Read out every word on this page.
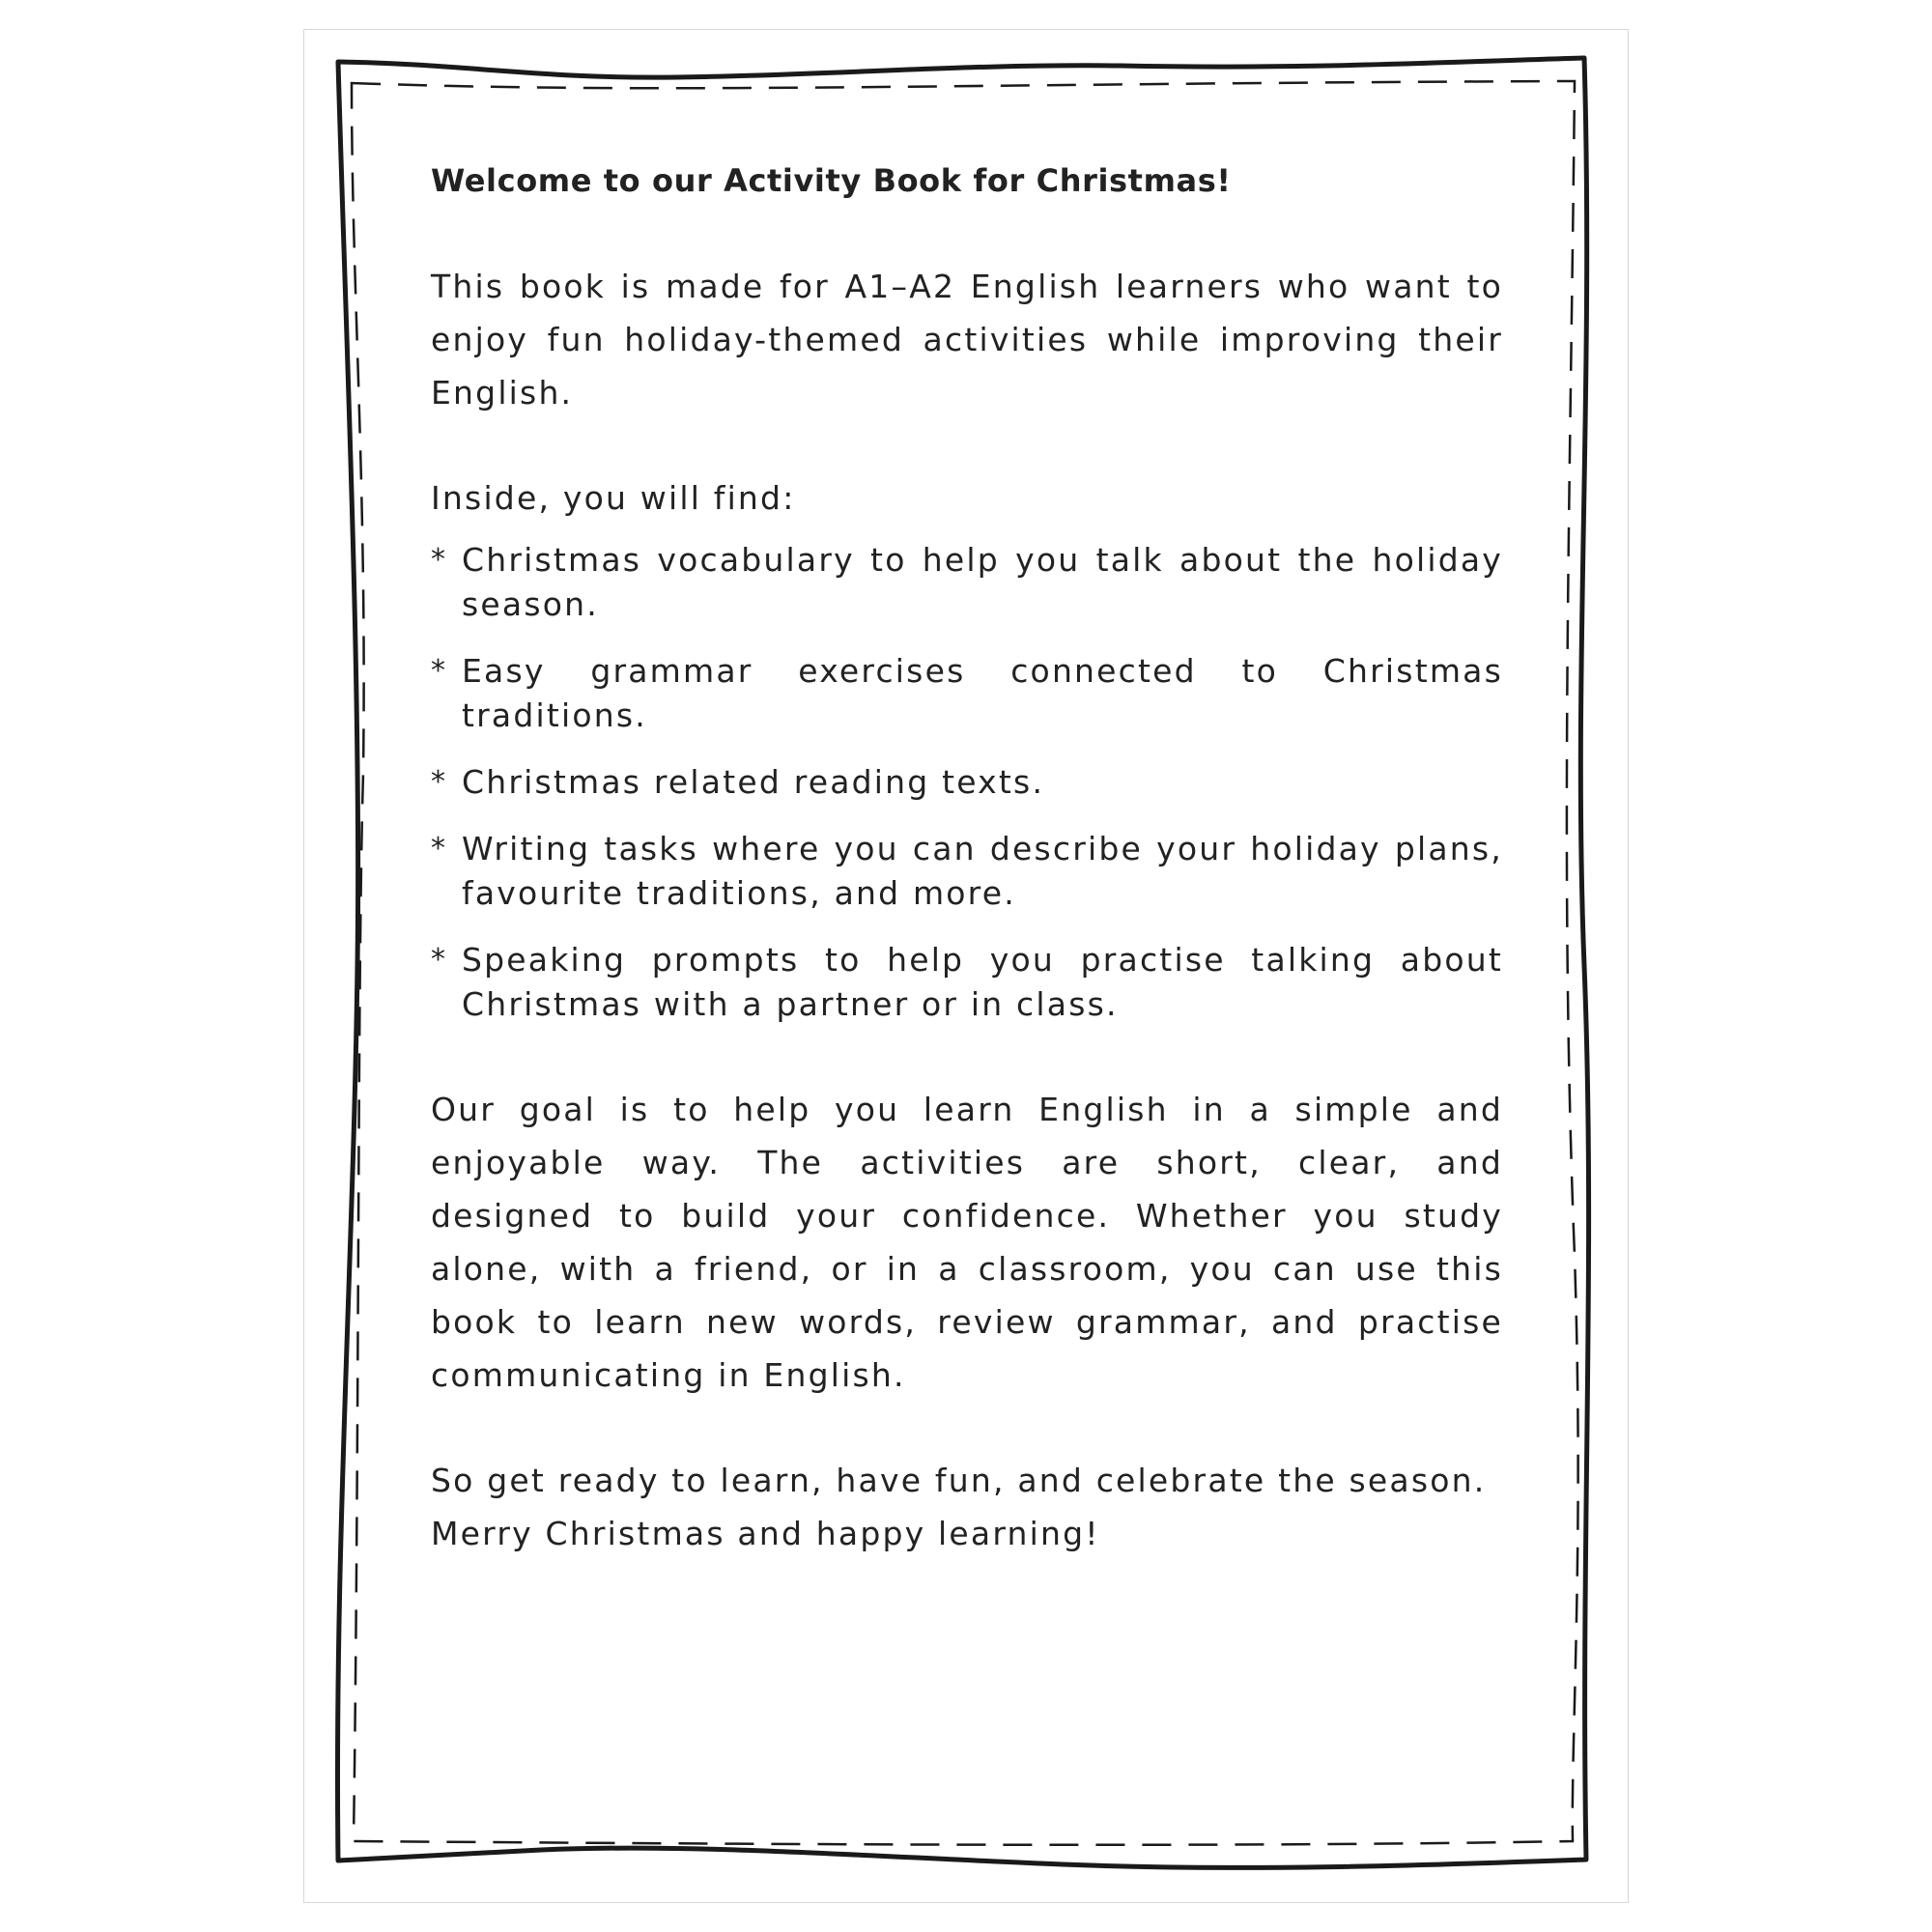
Welcome to our Activity Book for Christmas!

This book is made for A1–A2 English learners who want to enjoy fun holiday-themed activities while improving their English.

Inside, you will find:

* Christmas vocabulary to help you talk about the holiday season.
* Easy grammar exercises connected to Christmas traditions.
* Christmas related reading texts.
* Writing tasks where you can describe your holiday plans, favourite traditions, and more.
* Speaking prompts to help you practise talking about Christmas with a partner or in class.

Our goal is to help you learn English in a simple and enjoyable way. The activities are short, clear, and designed to build your confidence. Whether you study alone, with a friend, or in a classroom, you can use this book to learn new words, review grammar, and practise communicating in English.

So get ready to learn, have fun, and celebrate the season.

Merry Christmas and happy learning!
